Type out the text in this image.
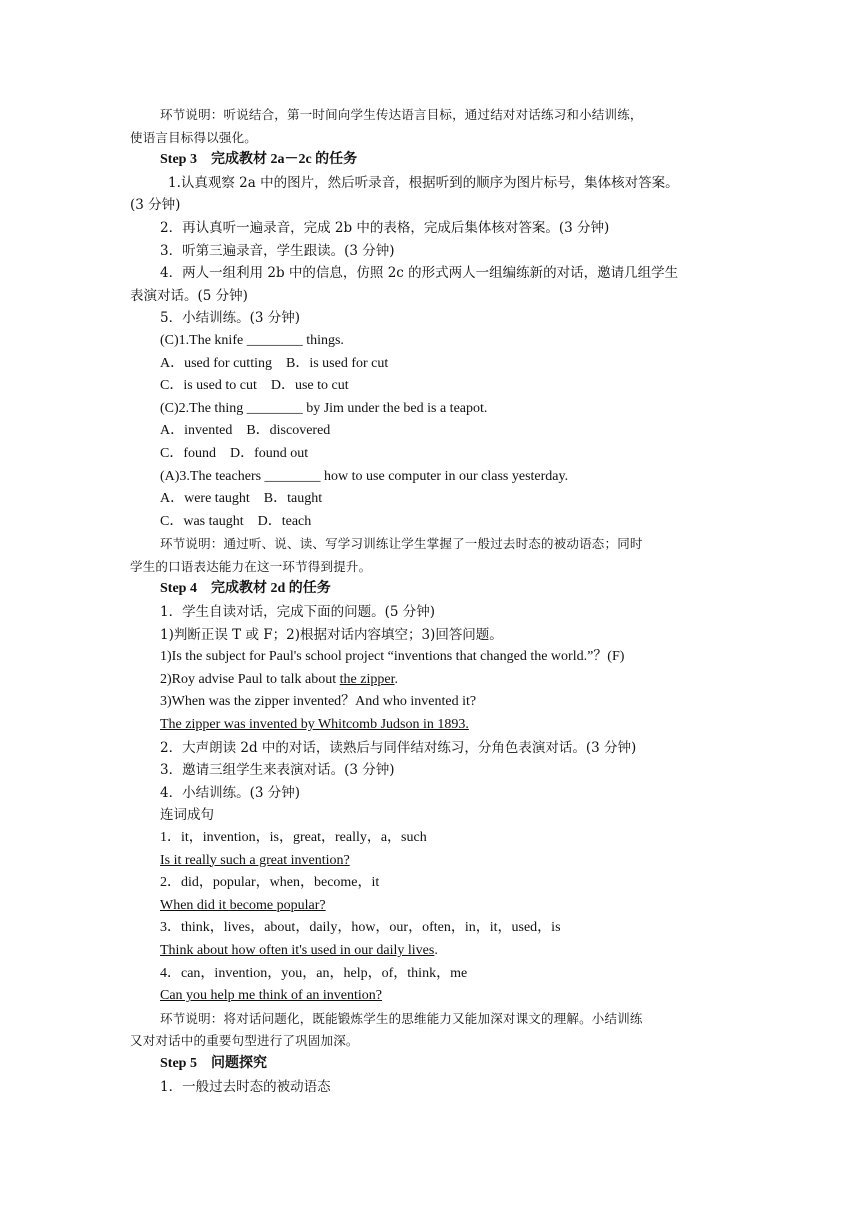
环节说明：听说结合，第一时间向学生传达语言目标，通过结对对话练习和小结训练，

使语言目标得以强化。

Step 3　完成教材 2a－2c 的任务

1.认真观察 2a 中的图片，然后听录音，根据听到的顺序为图片标号，集体核对答案。

(3 分钟)

2．再认真听一遍录音，完成 2b 中的表格，完成后集体核对答案。(3 分钟)

3．听第三遍录音，学生跟读。(3 分钟)

4．两人一组利用 2b 中的信息，仿照 2c 的形式两人一组编练新的对话，邀请几组学生

表演对话。(5 分钟)

5．小结训练。(3 分钟)

(C)1.The knife ________ things.

A．used for cutting　B．is used for cut

C．is used to cut　D．use to cut

(C)2.The thing ________ by Jim under the bed is a teapot.

A．invented　B．discovered

C．found　D．found out

(A)3.The teachers ________ how to use computer in our class yesterday.

A．were taught　B．taught

C．was taught　D．teach

环节说明：通过听、说、读、写学习训练让学生掌握了一般过去时态的被动语态；同时

学生的口语表达能力在这一环节得到提升。

Step 4　完成教材 2d 的任务

1．学生自读对话，完成下面的问题。(5 分钟)

1)判断正误 T 或 F；2)根据对话内容填空；3)回答问题。

1)Is the subject for Paul's school project “inventions that changed the world.”？(F)

2)Roy advise Paul to talk about the zipper.

3)When was the zipper invented？And who invented it?

The zipper was invented by Whitcomb Judson in 1893.

2．大声朗读 2d 中的对话，读熟后与同伴结对练习，分角色表演对话。(3 分钟)

3．邀请三组学生来表演对话。(3 分钟)

4．小结训练。(3 分钟)

连词成句

1．it，invention，is，great，really，a，such

Is it really such a great invention?

2．did，popular，when，become，it

When did it become popular?

3．think，lives，about，daily，how，our，often，in，it，used，is

Think about how often it's used in our daily lives.

4．can，invention，you，an，help，of，think，me

Can you help me think of an invention?

环节说明：将对话问题化，既能锻炼学生的思维能力又能加深对课文的理解。小结训练

又对对话中的重要句型进行了巩固加深。

Step 5　问题探究

1．一般过去时态的被动语态
